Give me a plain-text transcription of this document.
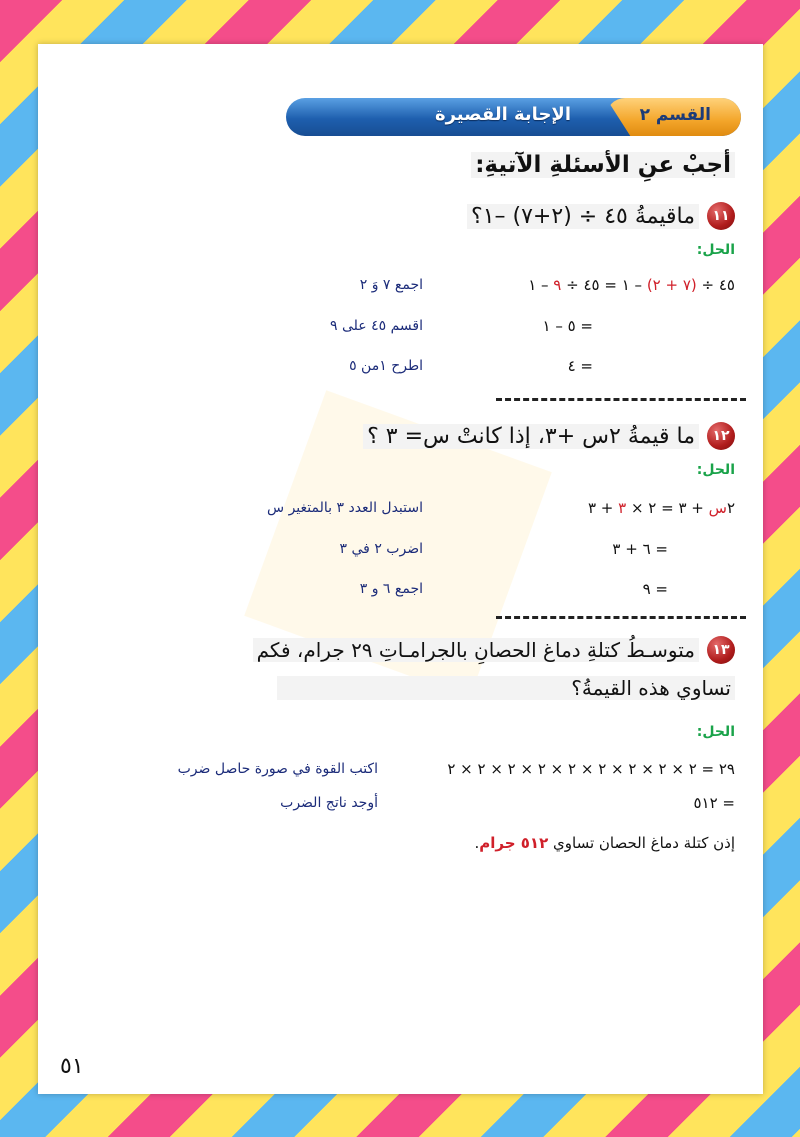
القسم ٢
الإجابة القصيرة
أجبْ عنِ الأسئلةِ الآتيةِ:
١١
ماقيمةُ ٤٥ ÷ (٢+٧) –١؟
الحل:
٤٥ ÷ (٧ + ٢) – ١ = ٤٥ ÷ ٩ – ١
اجمع ٧ وَ ٢
= ٥ – ١
اقسم ٤٥ على ٩
= ٤
اطرح ١من ٥
١٢
ما قيمةُ ٢س +٣، إذا كانتْ س= ٣ ؟
الحل:
٢س + ٣ = ٢ × ٣ + ٣
استبدل العدد ٣ بالمتغير س
= ٦ + ٣
اضرب ٢ في ٣
= ٩
اجمع ٦ و ٣
١٣
متوسـطُ كتلةِ دماغ الحصانِ بالجرامـاتِ ٢٩ جرام، فكم
تساوي هذه القيمةُ؟
الحل:
٢٩ = ٢ × ٢ × ٢ × ٢ × ٢ × ٢ × ٢ × ٢ × ٢
اكتب القوة في صورة حاصل ضرب
= ٥١٢
أوجد ناتج الضرب
إذن كتلة دماغ الحصان تساوي ٥١٢ جرام.
٥١
